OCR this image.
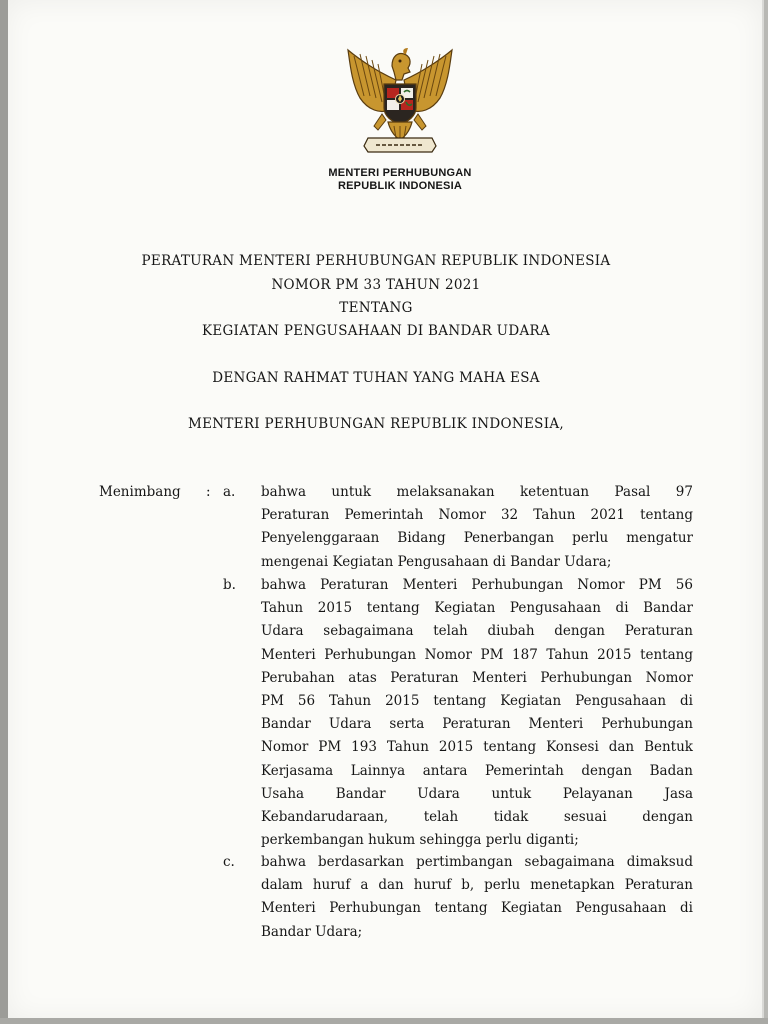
MENTERI PERHUBUNGAN
REPUBLIK INDONESIA
PERATURAN MENTERI PERHUBUNGAN REPUBLIK INDONESIA
NOMOR PM 33 TAHUN 2021
TENTANG
KEGIATAN PENGUSAHAAN DI BANDAR UDARA
DENGAN RAHMAT TUHAN YANG MAHA ESA
MENTERI PERHUBUNGAN REPUBLIK INDONESIA,
Menimbang : a. bahwa untuk melaksanakan ketentuan Pasal 97
Peraturan Pemerintah Nomor 32 Tahun 2021 tentang
Penyelenggaraan Bidang Penerbangan perlu mengatur
mengenai Kegiatan Pengusahaan di Bandar Udara;
b. bahwa Peraturan Menteri Perhubungan Nomor PM 56
Tahun 2015 tentang Kegiatan Pengusahaan di Bandar
Udara sebagaimana telah diubah dengan Peraturan
Menteri Perhubungan Nomor PM 187 Tahun 2015 tentang
Perubahan atas Peraturan Menteri Perhubungan Nomor
PM 56 Tahun 2015 tentang Kegiatan Pengusahaan di
Bandar Udara serta Peraturan Menteri Perhubungan
Nomor PM 193 Tahun 2015 tentang Konsesi dan Bentuk
Kerjasama Lainnya antara Pemerintah dengan Badan
Usaha Bandar Udara untuk Pelayanan Jasa
Kebandarudaraan, telah tidak sesuai dengan
perkembangan hukum sehingga perlu diganti;
c. bahwa berdasarkan pertimbangan sebagaimana dimaksud
dalam huruf a dan huruf b, perlu menetapkan Peraturan
Menteri Perhubungan tentang Kegiatan Pengusahaan di
Bandar Udara;
